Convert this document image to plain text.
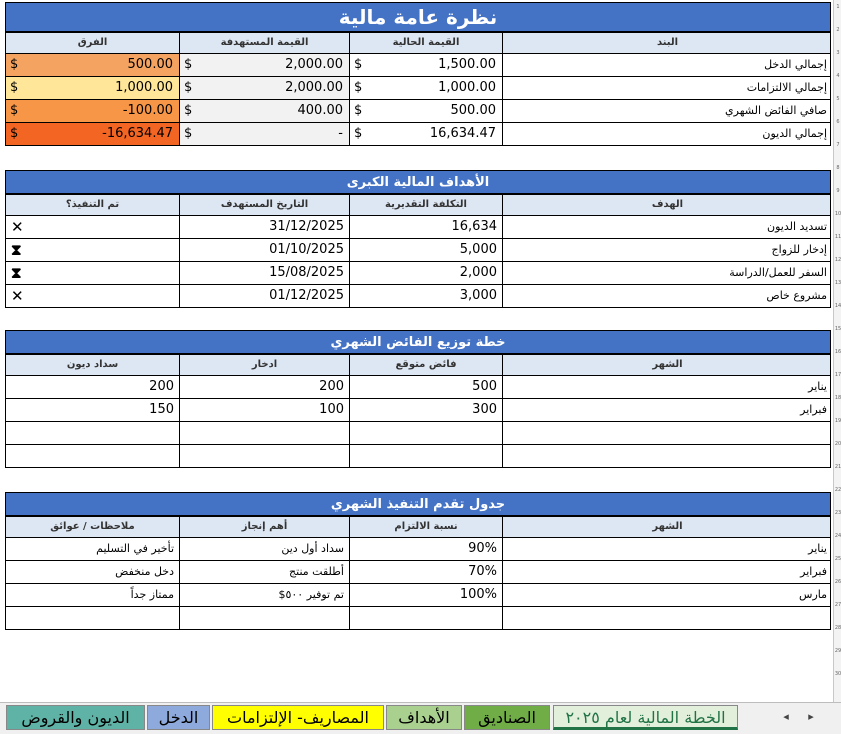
نظرة عامة مالية
الفرق	القيمة المستهدفة	القيمة الحالية	البند
$	500.00 $	2,000.00 $	1,500.00	إجمالي الدخل
$	1,000.00 $	2,000.00 $	1,000.00	إجمالي الالتزامات
$	-100.00 $	400.00 $	500.00	صافي الفائض الشهري
$	-16,634.47 $	- $	16,634.47	إجمالي الديون
الأهداف المالية الكبرى
تم التنفيذ؟	التاريخ المستهدف	التكلفة التقديرية	الهدف
✕	31/12/2025	16,634	تسديد الديون
⧗	01/10/2025	5,000	إدخار للزواج
⧗	15/08/2025	2,000	السفر للعمل/الدراسة
✕	01/12/2025	3,000	مشروع خاص
خطة توزيع الفائض الشهري
سداد ديون	ادخار	فائض متوقع	الشهر
200	200	500	يناير
150	100	300	فبراير
جدول تقدم التنفيذ الشهري
ملاحظات / عوائق	أهم إنجاز	نسبة الالتزام	الشهر
تأخير في التسليم	سداد أول دين	90%	يناير
دخل منخفض	أطلقت منتج	70%	فبراير
ممتاز جداً	تم توفير ٥٠٠$	100%	مارس
1
2
3
4
5
6
7
8
9
10
11
12
13
14
15
16
17
18
19
20
21
22
23
24
25
26
27
28
29
30
الخطة المالية لعام ٢٠٢٥
الصناديق
الأهداف
المصاريف- الإلتزامات
الدخل
الديون والقروض	◂	▸
